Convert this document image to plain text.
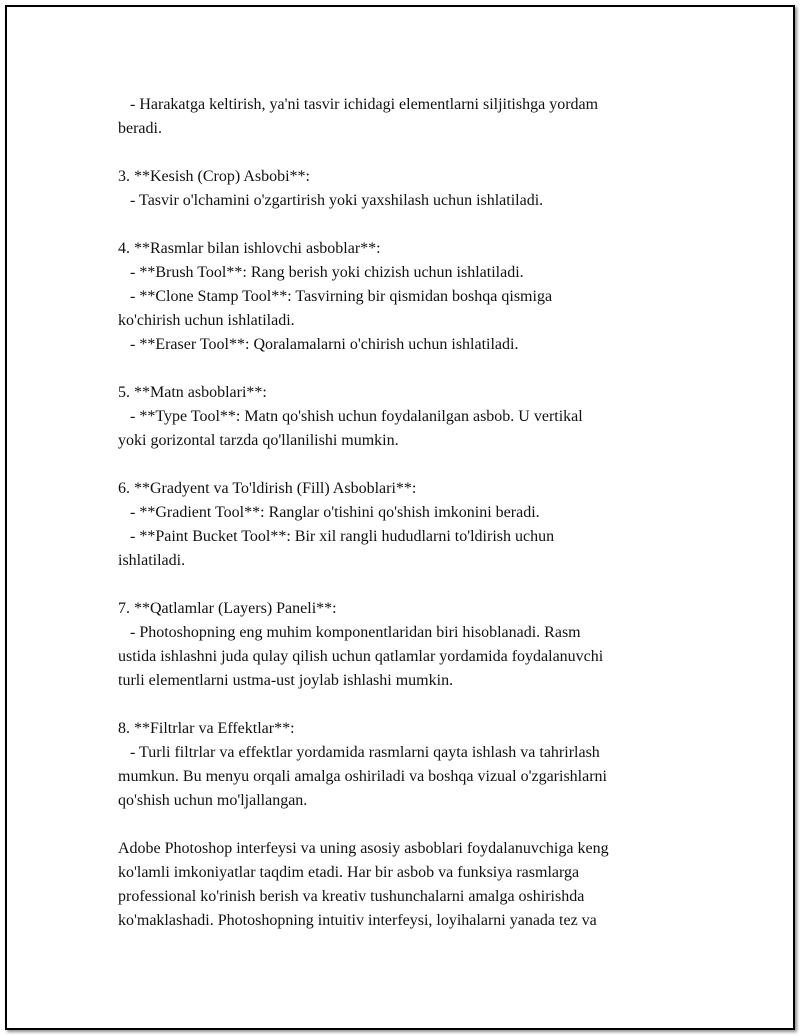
- Harakatga keltirish, ya'ni tasvir ichidagi elementlarni siljitishga yordam
beradi.
3. **Kesish (Crop) Asbobi**:
- Tasvir o'lchamini o'zgartirish yoki yaxshilash uchun ishlatiladi.
4. **Rasmlar bilan ishlovchi asboblar**:
- **Brush Tool**: Rang berish yoki chizish uchun ishlatiladi.
- **Clone Stamp Tool**: Tasvirning bir qismidan boshqa qismiga
ko'chirish uchun ishlatiladi.
- **Eraser Tool**: Qoralamalarni o'chirish uchun ishlatiladi.
5. **Matn asboblari**:
- **Type Tool**: Matn qo'shish uchun foydalanilgan asbob. U vertikal
yoki gorizontal tarzda qo'llanilishi mumkin.
6. **Gradyent va To'ldirish (Fill) Asboblari**:
- **Gradient Tool**: Ranglar o'tishini qo'shish imkonini beradi.
- **Paint Bucket Tool**: Bir xil rangli hududlarni to'ldirish uchun
ishlatiladi.
7. **Qatlamlar (Layers) Paneli**:
- Photoshopning eng muhim komponentlaridan biri hisoblanadi. Rasm
ustida ishlashni juda qulay qilish uchun qatlamlar yordamida foydalanuvchi
turli elementlarni ustma-ust joylab ishlashi mumkin.
8. **Filtrlar va Effektlar**:
- Turli filtrlar va effektlar yordamida rasmlarni qayta ishlash va tahrirlash
mumkun. Bu menyu orqali amalga oshiriladi va boshqa vizual o'zgarishlarni
qo'shish uchun mo'ljallangan.
Adobe Photoshop interfeysi va uning asosiy asboblari foydalanuvchiga keng
ko'lamli imkoniyatlar taqdim etadi. Har bir asbob va funksiya rasmlarga
professional ko'rinish berish va kreativ tushunchalarni amalga oshirishda
ko'maklashadi. Photoshopning intuitiv interfeysi, loyihalarni yanada tez va
